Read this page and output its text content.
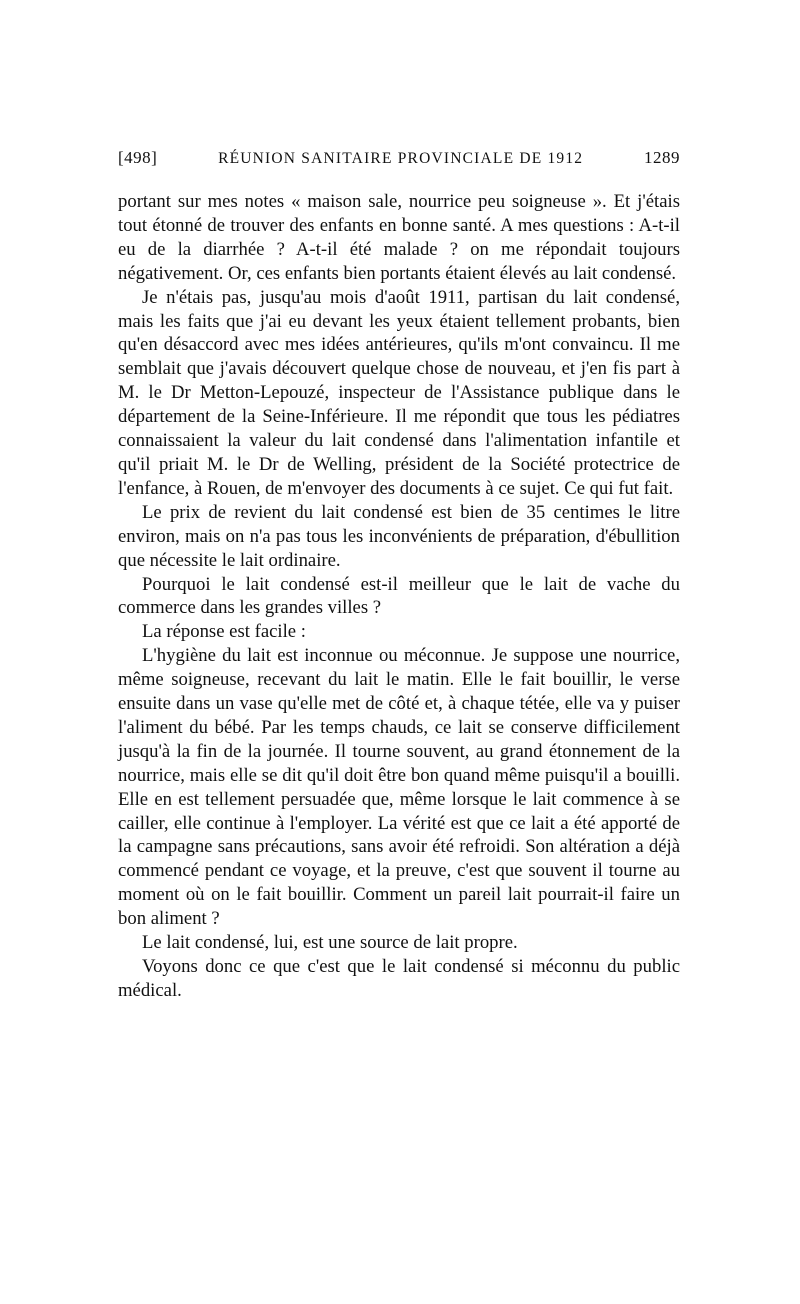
[498]	RÉUNION SANITAIRE PROVINCIALE DE 1912	1289

portant sur mes notes « maison sale, nourrice peu soigneuse ». Et j'étais tout étonné de trouver des enfants en bonne santé. A mes questions : A-t-il eu de la diarrhée ? A-t-il été malade ? on me répondait toujours négativement. Or, ces enfants bien portants étaient élevés au lait condensé.

Je n'étais pas, jusqu'au mois d'août 1911, partisan du lait condensé, mais les faits que j'ai eu devant les yeux étaient tellement probants, bien qu'en désaccord avec mes idées antérieures, qu'ils m'ont convaincu. Il me semblait que j'avais découvert quelque chose de nouveau, et j'en fis part à M. le Dr Metton-Lepouzé, inspecteur de l'Assistance publique dans le département de la Seine-Inférieure. Il me répondit que tous les pédiatres connaissaient la valeur du lait condensé dans l'alimentation infantile et qu'il priait M. le Dr de Welling, président de la Société protectrice de l'enfance, à Rouen, de m'envoyer des documents à ce sujet. Ce qui fut fait.

Le prix de revient du lait condensé est bien de 35 centimes le litre environ, mais on n'a pas tous les inconvénients de préparation, d'ébullition que nécessite le lait ordinaire.

Pourquoi le lait condensé est-il meilleur que le lait de vache du commerce dans les grandes villes ?

La réponse est facile :

L'hygiène du lait est inconnue ou méconnue. Je suppose une nourrice, même soigneuse, recevant du lait le matin. Elle le fait bouillir, le verse ensuite dans un vase qu'elle met de côté et, à chaque tétée, elle va y puiser l'aliment du bébé. Par les temps chauds, ce lait se conserve difficilement jusqu'à la fin de la journée. Il tourne souvent, au grand étonnement de la nourrice, mais elle se dit qu'il doit être bon quand même puisqu'il a bouilli. Elle en est tellement persuadée que, même lorsque le lait commence à se cailler, elle continue à l'employer. La vérité est que ce lait a été apporté de la campagne sans précautions, sans avoir été refroidi. Son altération a déjà commencé pendant ce voyage, et la preuve, c'est que souvent il tourne au moment où on le fait bouillir. Comment un pareil lait pourrait-il faire un bon aliment ?

Le lait condensé, lui, est une source de lait propre.

Voyons donc ce que c'est que le lait condensé si méconnu du public médical.
